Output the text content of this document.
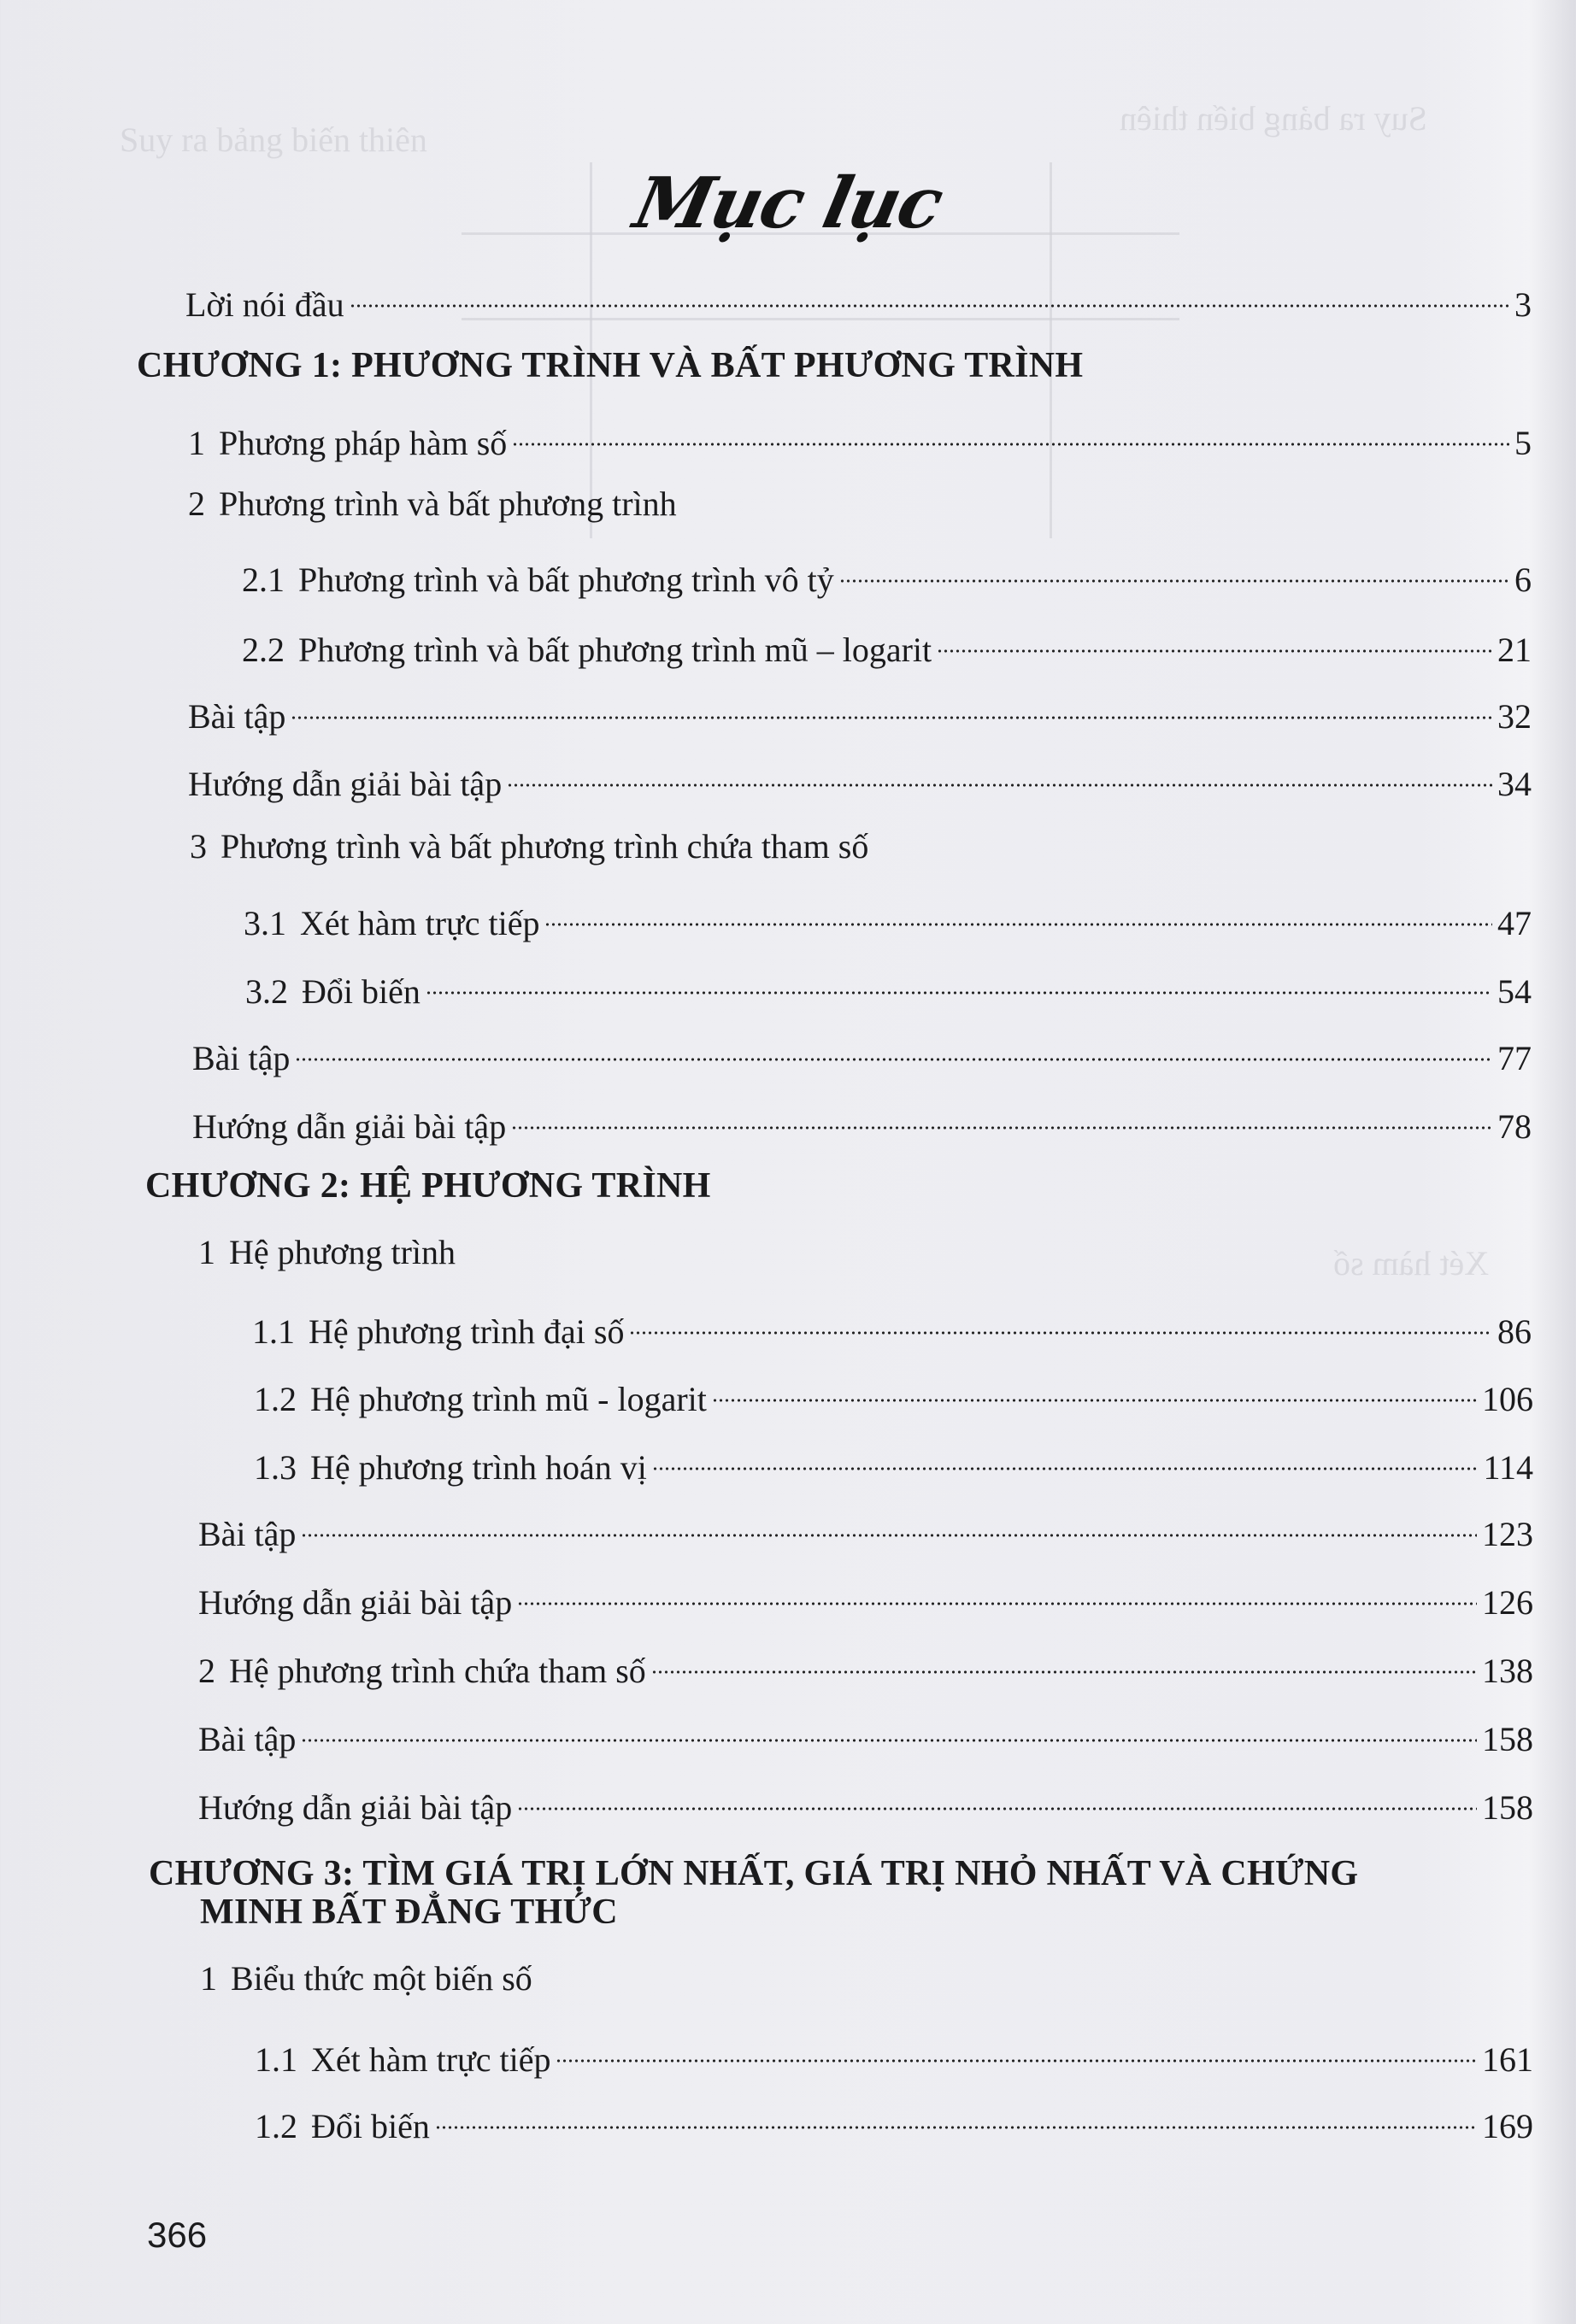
Suy ra bảng biến thiên
Suy ra bảng biến thiên
Xét hàm số
Mục lục
Lời nói đầu	3
CHƯƠNG 1: PHƯƠNG TRÌNH VÀ BẤT PHƯƠNG TRÌNH
1 Phương pháp hàm số	5
2 Phương trình và bất phương trình
2.1 Phương trình và bất phương trình vô tỷ	6
2.2 Phương trình và bất phương trình mũ – logarit	21
Bài tập	32
Hướng dẫn giải bài tập	34
3 Phương trình và bất phương trình chứa tham số
3.1 Xét hàm trực tiếp	47
3.2 Đổi biến	54
Bài tập	77
Hướng dẫn giải bài tập	78
CHƯƠNG 2: HỆ PHƯƠNG TRÌNH
1 Hệ phương trình
1.1 Hệ phương trình đại số	86
1.2 Hệ phương trình mũ - logarit	106
1.3 Hệ phương trình hoán vị	114
Bài tập	123
Hướng dẫn giải bài tập	126
2 Hệ phương trình chứa tham số	138
Bài tập	158
Hướng dẫn giải bài tập	158
CHƯƠNG 3: TÌM GIÁ TRỊ LỚN NHẤT, GIÁ TRỊ NHỎ NHẤT VÀ CHỨNG
MINH BẤT ĐẲNG THỨC
1 Biểu thức một biến số
1.1 Xét hàm trực tiếp	161
1.2 Đổi biến	169
366
